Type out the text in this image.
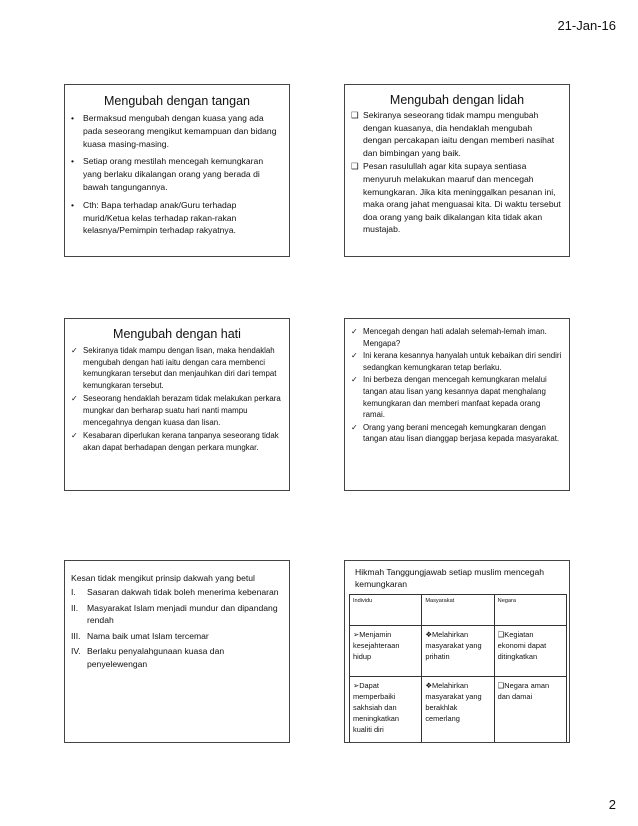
21-Jan-16
Mengubah dengan tangan
• Bermaksud mengubah dengan kuasa yang ada pada seseorang mengikut kemampuan dan bidang kuasa masing-masing.
• Setiap orang mestilah mencegah kemungkaran yang berlaku dikalangan orang yang berada di bawah tangungannya.
• Cth: Bapa terhadap anak/Guru terhadap murid/Ketua kelas terhadap rakan-rakan kelasnya/Pemimpin terhadap rakyatnya.
Mengubah dengan lidah
❑ Sekiranya seseorang tidak mampu mengubah dengan kuasanya, dia hendaklah mengubah dengan percakapan iaitu dengan memberi nasihat dan bimbingan yang baik.
❑ Pesan rasulullah agar kita supaya sentiasa menyuruh melakukan maaruf dan mencegah kemungkaran. Jika kita meninggalkan pesanan ini, maka orang jahat menguasai kita. Di waktu tersebut doa orang yang baik dikalangan kita tidak akan mustajab.
Mengubah dengan hati
✓ Sekiranya tidak mampu dengan lisan, maka hendaklah mengubah dengan hati iaitu dengan cara membenci kemungkaran tersebut dan menjauhkan diri dari tempat kemungkaran tersebut.
✓ Seseorang hendaklah berazam tidak melakukan perkara mungkar dan berharap suatu hari nanti mampu mencegahnya dengan kuasa dan lisan.
✓ Kesabaran diperlukan kerana tanpanya seseorang tidak akan dapat berhadapan dengan perkara mungkar.
✓ Mencegah dengan hati adalah selemah-lemah iman. Mengapa?
✓ Ini kerana kesannya hanyalah untuk kebaikan diri sendiri sedangkan kemungkaran tetap berlaku.
✓ Ini berbeza dengan mencegah kemungkaran melalui tangan atau lisan yang kesannya dapat menghalang kemungkaran dan memberi manfaat kepada orang ramai.
✓ Orang yang berani mencegah kemungkaran dengan tangan atau lisan dianggap berjasa kepada masyarakat.
Kesan tidak mengikut prinsip dakwah yang betul
I. Sasaran dakwah tidak boleh menerima kebenaran
II. Masyarakat Islam menjadi mundur dan dipandang rendah
III. Nama baik umat Islam tercemar
IV. Berlaku penyalahgunaan kuasa dan penyelewengan
Hikmah Tanggungjawab setiap muslim mencegah kemungkaran
Individu	Masyarakat	Negara
➢Menjamin kesejahteraan hidup	❖Melahirkan masyarakat yang prihatin	❑Kegiatan ekonomi dapat ditingkatkan
➢Dapat memperbaiki sakhsiah dan meningkatkan kualiti diri	❖Melahirkan masyarakat yang berakhlak cemerlang	❑Negara aman dan damai
2
